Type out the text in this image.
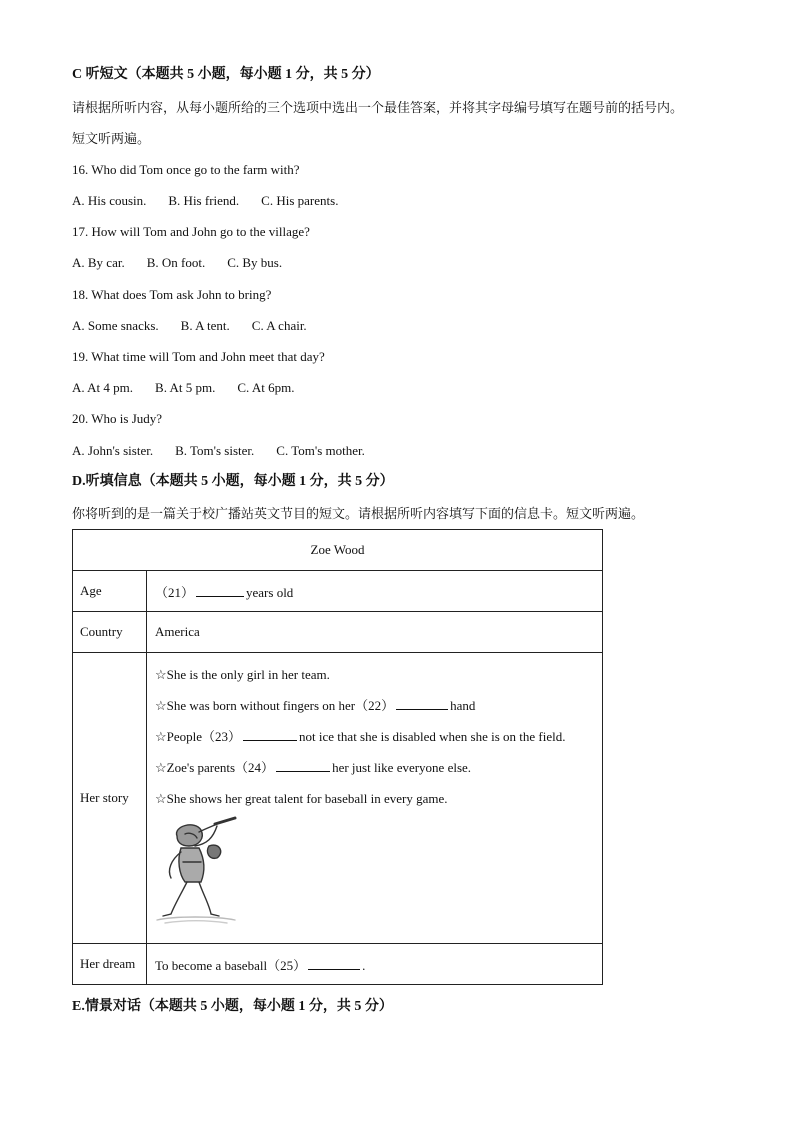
C 听短文（本题共 5 小题，每小题 1 分，共 5 分）
请根据所听内容，从每小题所给的三个选项中选出一个最佳答案，并将其字母编号填写在题号前的括号内。
短文听两遍。
16. Who did Tom once go to the farm with?
A. His cousin. B. His friend. C. His parents.
17. How will Tom and John go to the village?
A. By car. B. On foot. C. By bus.
18. What does Tom ask John to bring?
A. Some snacks. B. A tent. C. A chair.
19. What time will Tom and John meet that day?
A. At 4 pm. B. At 5 pm. C. At 6pm.
20. Who is Judy?
A. John's sister. B. Tom's sister. C. Tom's mother.
D.听填信息（本题共 5 小题，每小题 1 分，共 5 分）
你将听到的是一篇关于校广播站英文节目的短文。请根据所听内容填写下面的信息卡。短文听两遍。
Zoe Wood	
Age	（21） years old
Country	America
Her story	☆She is the only girl in her team.

☆She was born without fingers on her（22） hand

☆People（23） not ice that she is disabled when she is on the field.

☆Zoe's parents（24） her just like everyone else.

☆She shows her great talent for baseball in every game.

Her dream	To become a baseball（25） .
E.情景对话（本题共 5 小题，每小题 1 分，共 5 分）
